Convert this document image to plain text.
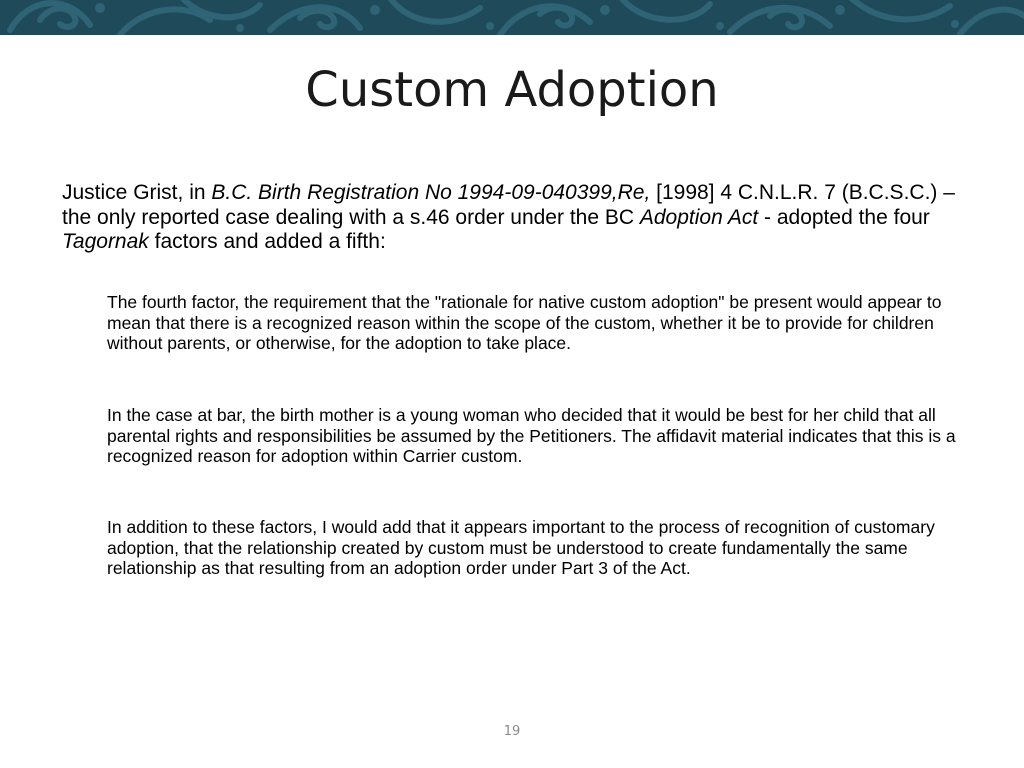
Custom Adoption

Justice Grist, in B.C. Birth Registration No 1994-09-040399,Re, [1998] 4 C.N.L.R. 7 (B.C.S.C.) – the only reported case dealing with a s.46 order under the BC Adoption Act - adopted the four Tagornak factors and added a fifth:

The fourth factor, the requirement that the "rationale for native custom adoption" be present would appear to mean that there is a recognized reason within the scope of the custom, whether it be to provide for children without parents, or otherwise, for the adoption to take place.

In the case at bar, the birth mother is a young woman who decided that it would be best for her child that all parental rights and responsibilities be assumed by the Petitioners. The affidavit material indicates that this is a recognized reason for adoption within Carrier custom.

In addition to these factors, I would add that it appears important to the process of recognition of customary adoption, that the relationship created by custom must be understood to create fundamentally the same relationship as that resulting from an adoption order under Part 3 of the Act.

19
